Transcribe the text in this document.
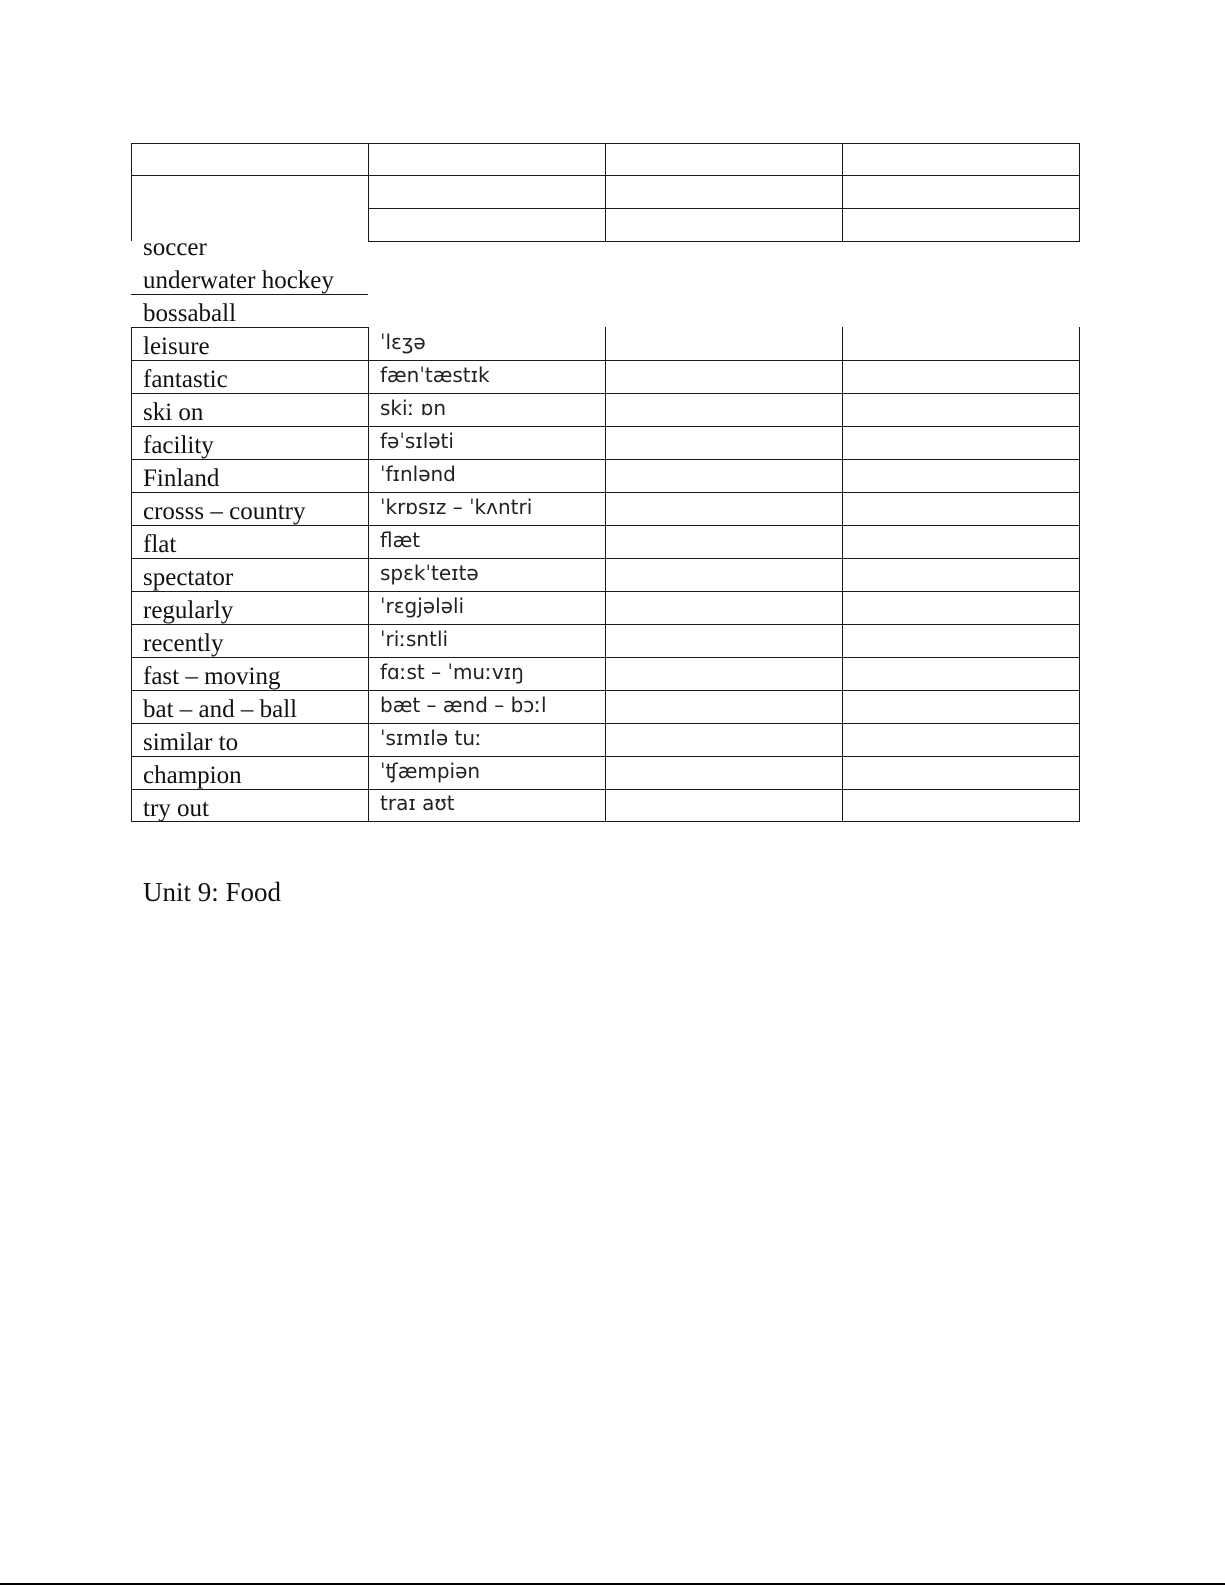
soccer
underwater hockey
bossaball
leisure	ˈlɛʒə
fantastic	fænˈtæstɪk
ski on	skiː ɒn
facility	fəˈsɪləti
Finland	ˈfɪnlənd
crosss – country	ˈkrɒsɪz – ˈkʌntri
flat	flæt
spectator	spɛkˈteɪtə
regularly	ˈrɛgjələli
recently	ˈriːsntli
fast – moving	fɑːst – ˈmuːvɪŋ
bat – and – ball	bæt – ænd – bɔːl
similar to	ˈsɪmɪlə tuː
champion	ˈʧæmpiən
try out	traɪ aʊt
Unit 9: Food
